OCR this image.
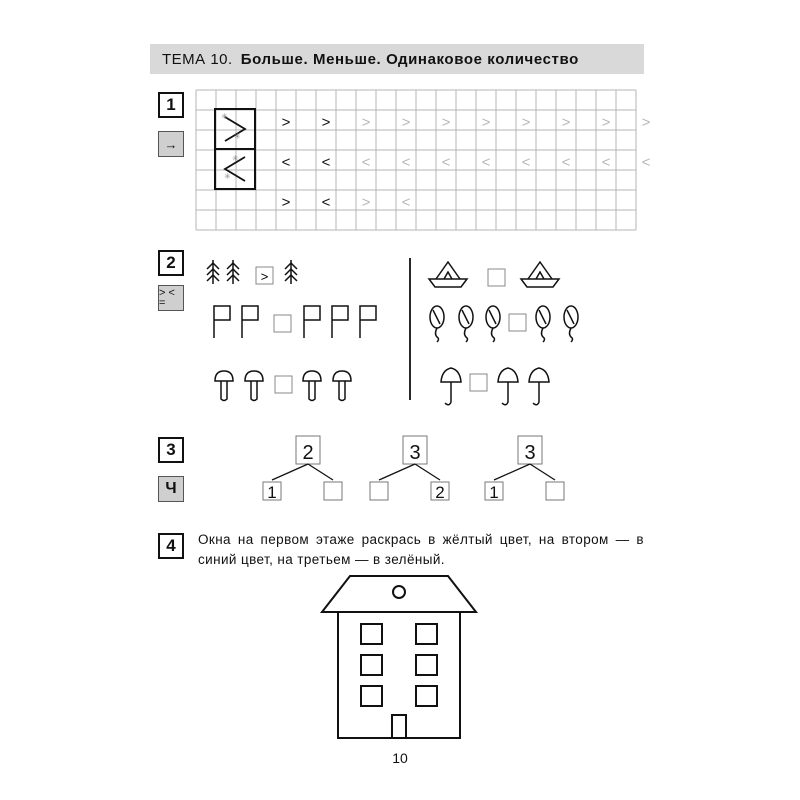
ТЕМА 10. Больше. Меньше. Одинаковое количество
1
→
✳
✳
✳
✳
> > > > > > > > > >
< < < < < < < < < <
> < > <
2
> < =
>
3
Ч
2
1
3
2
3
1
4	Окна на первом этаже раскрась в жёлтый цвет, на втором — в синий цвет, на третьем — в зелёный.
10
